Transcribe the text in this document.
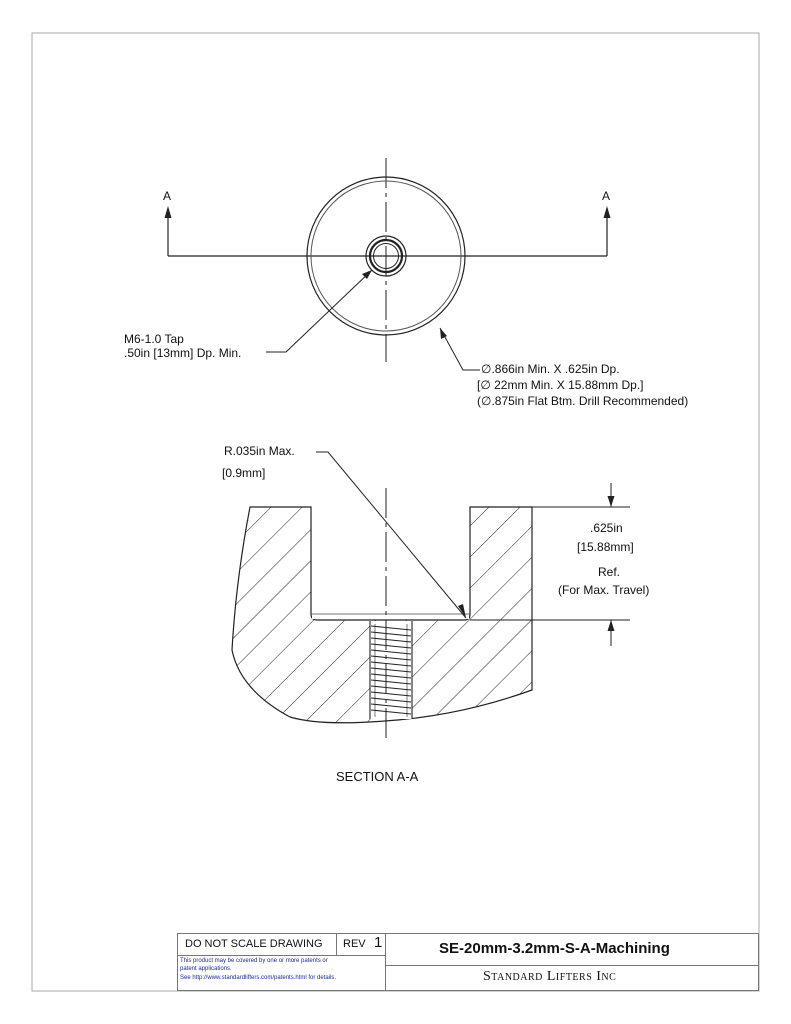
A	A
M6-1.0 Tap
.50in [13mm] Dp. Min.
∅.866in Min. X .625in Dp.
[∅ 22mm Min. X 15.88mm Dp.]
(∅.875in Flat Btm. Drill Recommended)
R.035in Max.
[0.9mm]
.625in
[15.88mm]
Ref.
(For Max. Travel)
SECTION A-A
DO NOT SCALE DRAWING REV 1
This product may be covered by one or more patents or
patent applications.
See http://www.standardlifters.com/patents.html for details.
SE-20mm-3.2mm-S-A-Machining
Standard Lifters Inc
